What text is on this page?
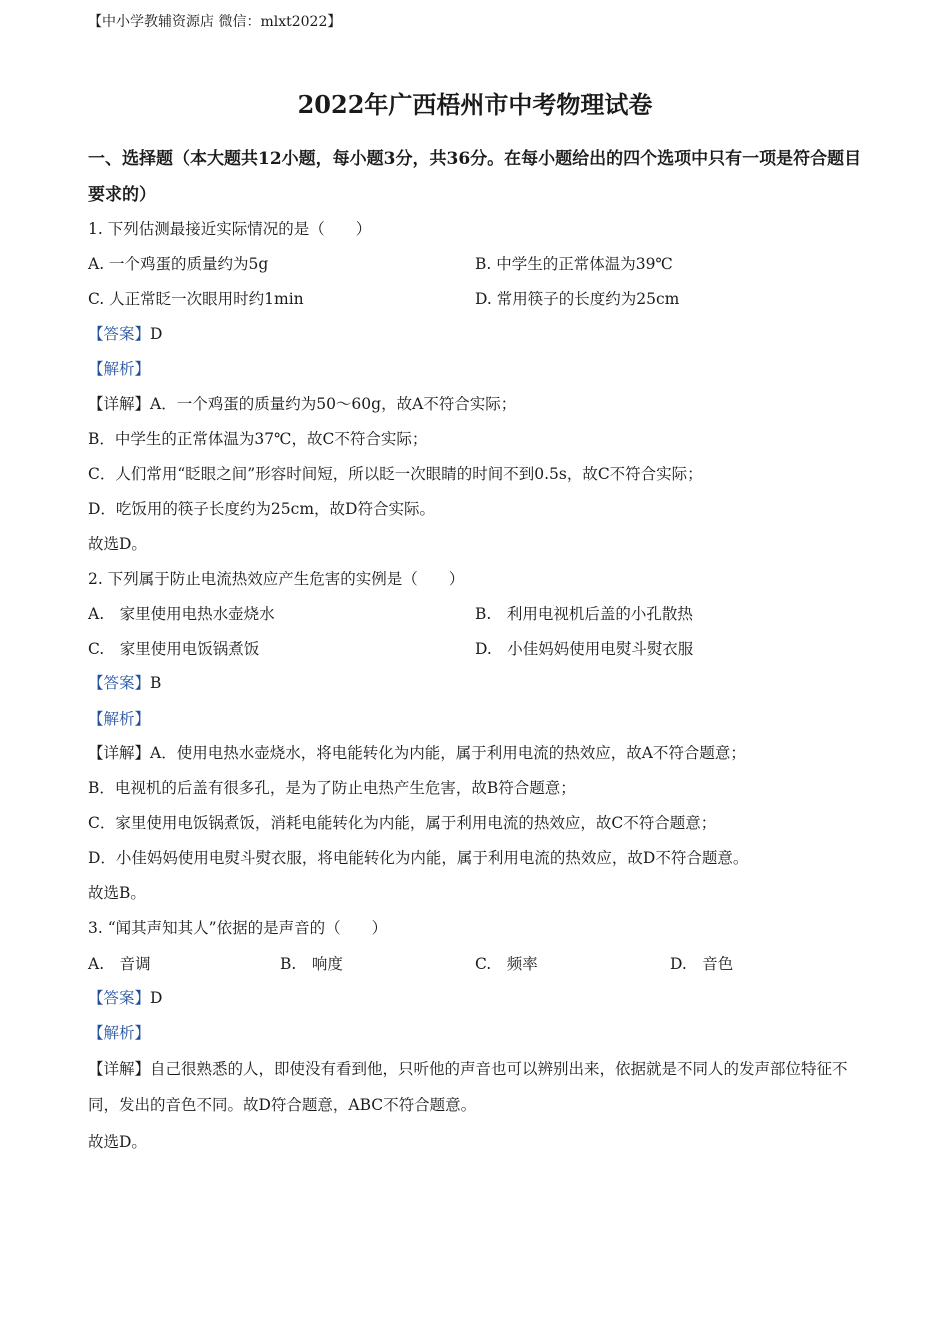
【中小学教辅资源店 微信：mlxt2022】
2022年广西梧州市中考物理试卷
一、选择题（本大题共12小题，每小题3分，共36分。在每小题给出的四个选项中只有一项是符合题目要求的）
1. 下列估测最接近实际情况的是（　　）
A. 一个鸡蛋的质量约为5g	B. 中学生的正常体温为39℃
C. 人正常眨一次眼用时约1min	D. 常用筷子的长度约为25cm
【答案】D
【解析】
【详解】A．一个鸡蛋的质量约为50～60g，故A不符合实际；
B．中学生的正常体温为37℃，故C不符合实际；
C．人们常用“眨眼之间”形容时间短，所以眨一次眼睛的时间不到0.5s，故C不符合实际；
D．吃饭用的筷子长度约为25cm，故D符合实际。
故选D。
2. 下列属于防止电流热效应产生危害的实例是（　　）
A.　家里使用电热水壶烧水	B.　利用电视机后盖的小孔散热
C.　家里使用电饭锅煮饭	D.　小佳妈妈使用电熨斗熨衣服
【答案】B
【解析】
【详解】A．使用电热水壶烧水，将电能转化为内能，属于利用电流的热效应，故A不符合题意；
B．电视机的后盖有很多孔，是为了防止电热产生危害，故B符合题意；
C．家里使用电饭锅煮饭，消耗电能转化为内能，属于利用电流的热效应，故C不符合题意；
D．小佳妈妈使用电熨斗熨衣服，将电能转化为内能，属于利用电流的热效应，故D不符合题意。
故选B。
3. “闻其声知其人”依据的是声音的（　　）
A.　音调	B.　响度	C.　频率	D.　音色
【答案】D
【解析】
【详解】自己很熟悉的人，即使没有看到他，只听他的声音也可以辨别出来，依据就是不同人的发声部位特征不同，发出的音色不同。故D符合题意，ABC不符合题意。
故选D。
